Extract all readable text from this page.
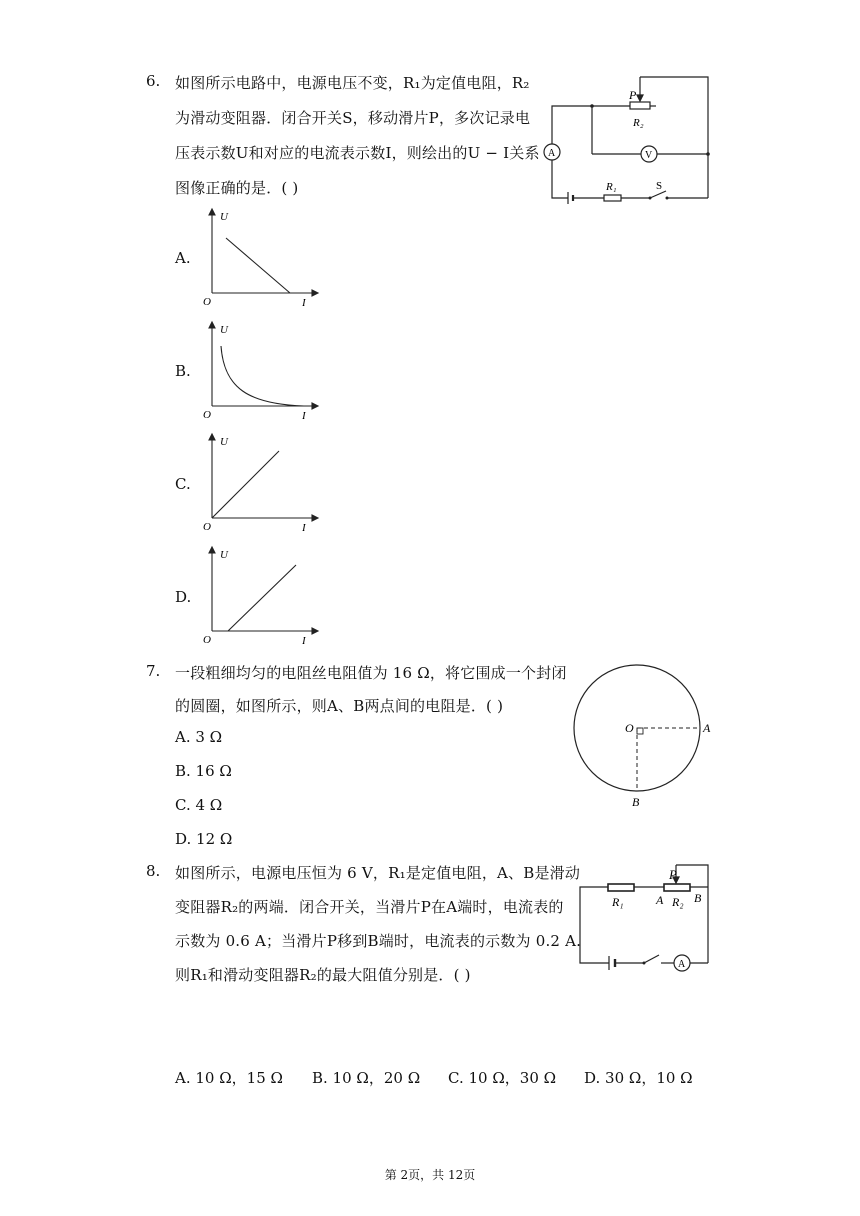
6. 如图所示电路中，电源电压不变，R₁为定值电阻，R₂
为滑动变阻器．闭合开关S，移动滑片P，多次记录电
压表示数U和对应的电流表示数I，则绘出的U − I关系
图像正确的是．( )
P
R₂
A	V
R₁	S
A.
U
I
O
B.
U
I
O
C.
U
I
O
D.
U
I
O
7. 一段粗细均匀的电阻丝电阻值为 16 Ω，将它围成一个封闭
的圆圈，如图所示，则A、B两点间的电阻是．( )
A. 3 Ω
B. 16 Ω
C. 4 Ω
D. 12 Ω
O	A
B
8. 如图所示，电源电压恒为 6 V，R₁是定值电阻，A、B是滑动
变阻器R₂的两端．闭合开关，当滑片P在A端时，电流表的
示数为 0.6 A；当滑片P移到B端时，电流表的示数为 0.2 A.
则R₁和滑动变阻器R₂的最大阻值分别是．( )
P
R₁	A R₂ B
A
A. 10 Ω，15 Ω B. 10 Ω，20 Ω C. 10 Ω，30 Ω D. 30 Ω，10 Ω
第 2页，共 12页
